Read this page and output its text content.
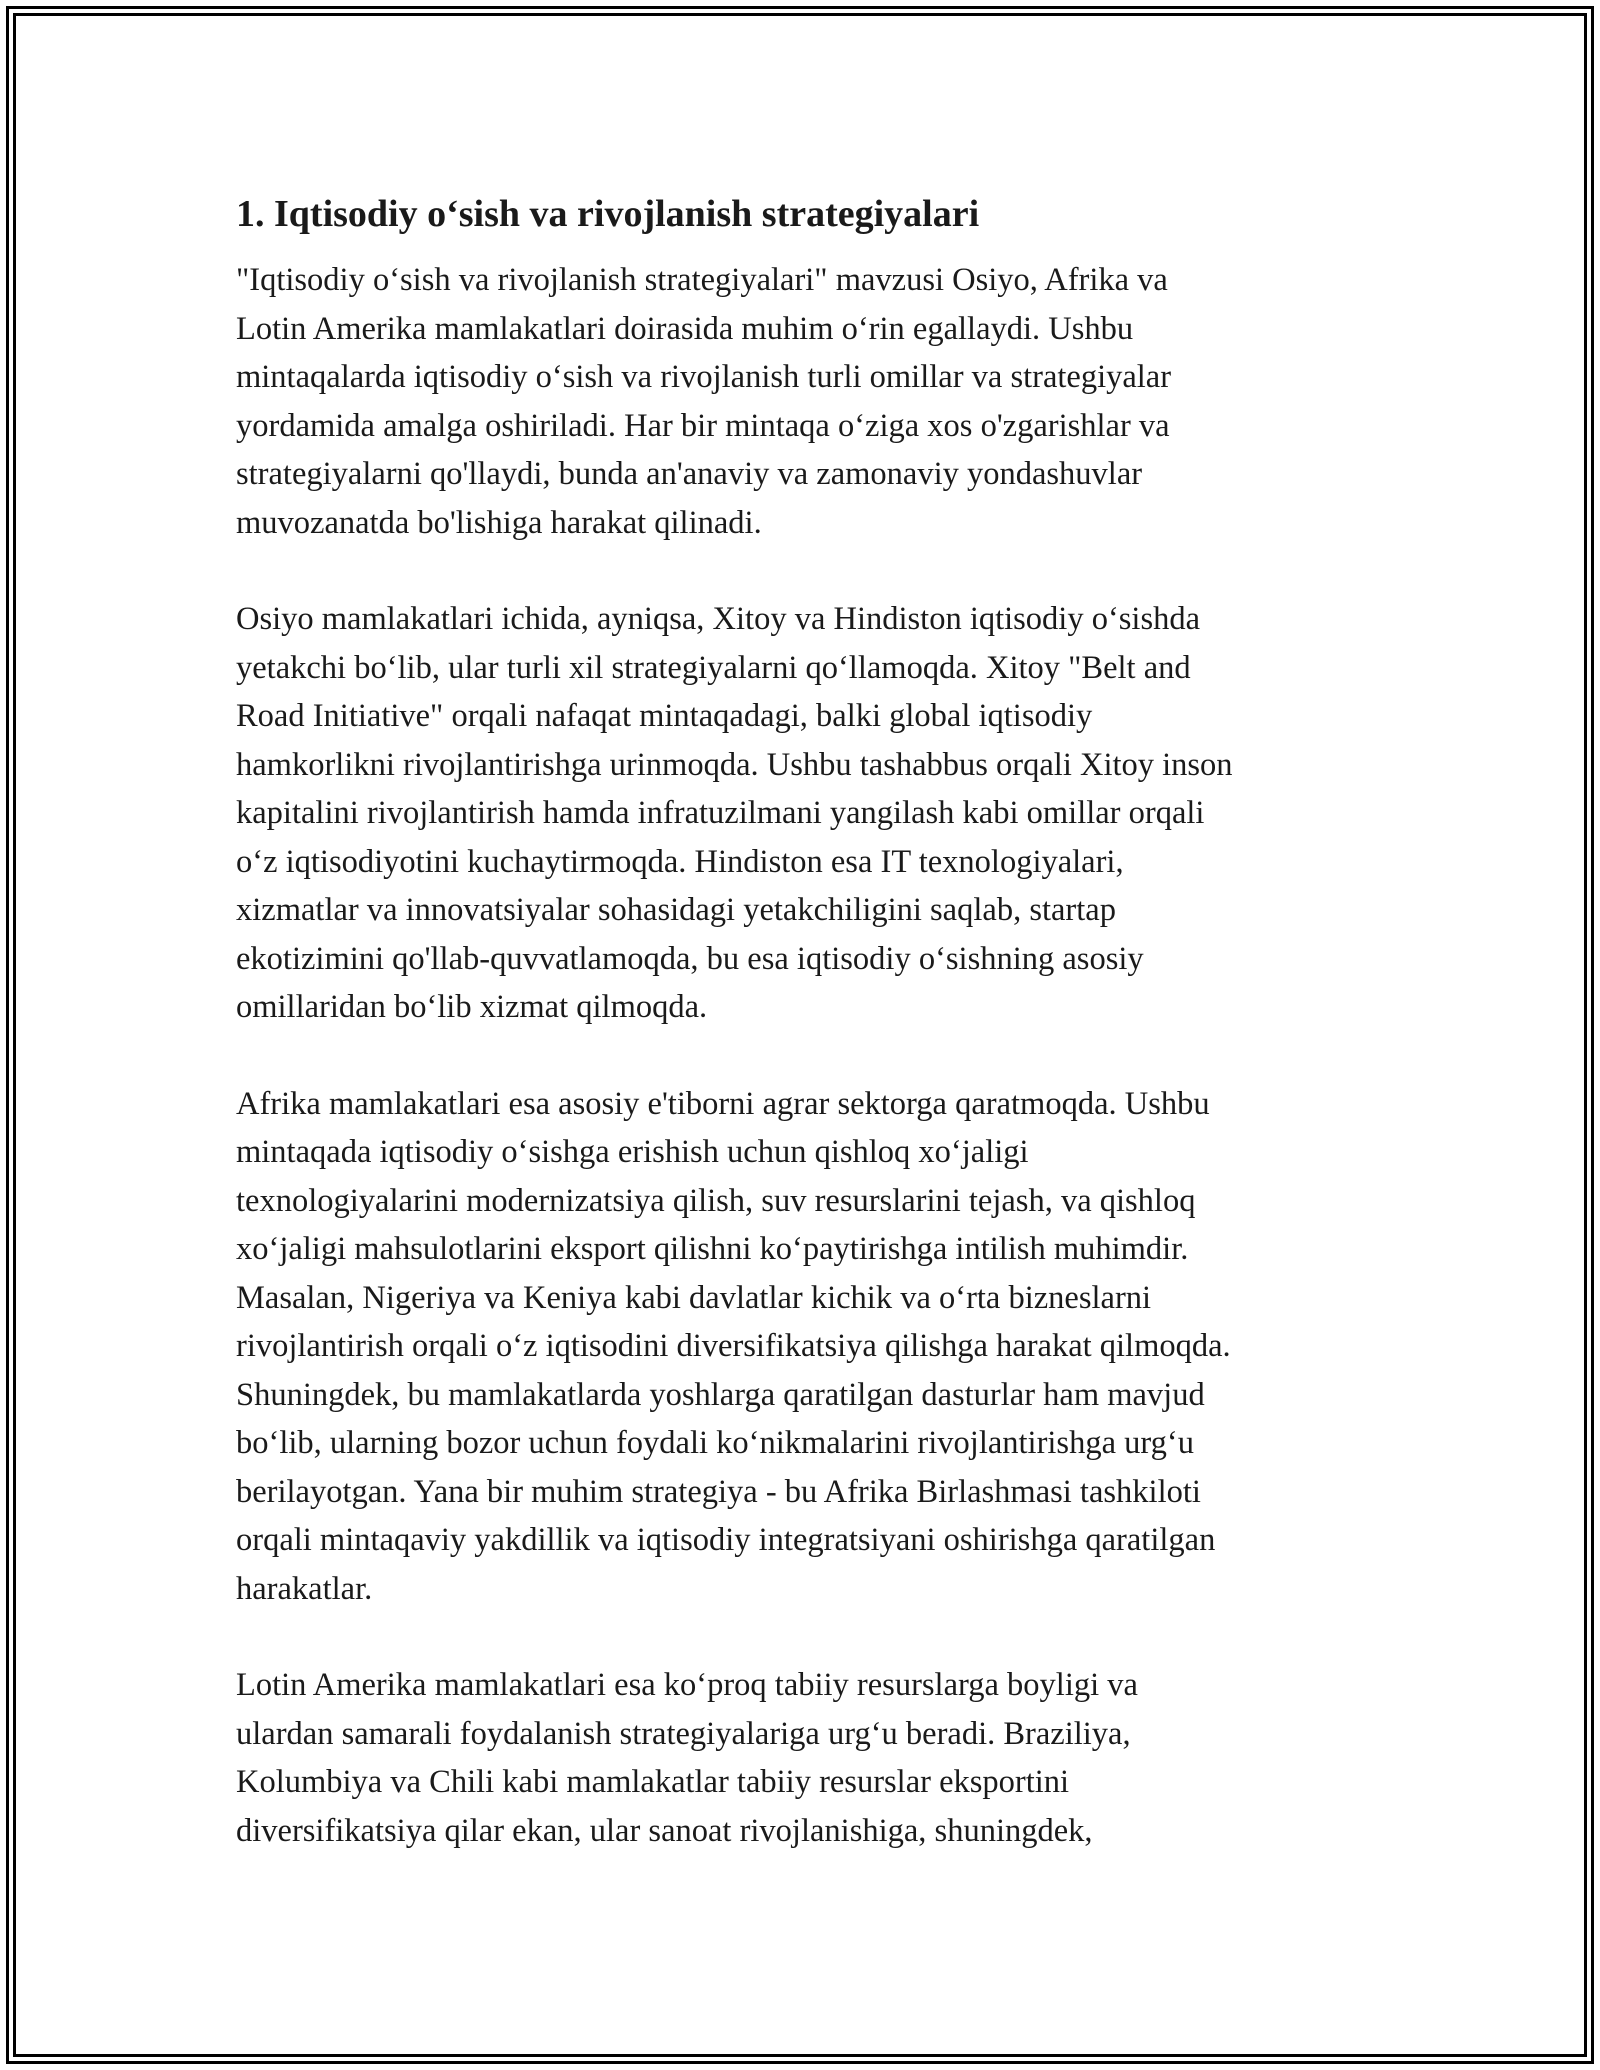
1. Iqtisodiy o‘sish va rivojlanish strategiyalari

"Iqtisodiy o‘sish va rivojlanish strategiyalari" mavzusi Osiyo, Afrika va
Lotin Amerika mamlakatlari doirasida muhim o‘rin egallaydi. Ushbu
mintaqalarda iqtisodiy o‘sish va rivojlanish turli omillar va strategiyalar
yordamida amalga oshiriladi. Har bir mintaqa o‘ziga xos o'zgarishlar va
strategiyalarni qo'llaydi, bunda an'anaviy va zamonaviy yondashuvlar
muvozanatda bo'lishiga harakat qilinadi.

Osiyo mamlakatlari ichida, ayniqsa, Xitoy va Hindiston iqtisodiy o‘sishda
yetakchi bo‘lib, ular turli xil strategiyalarni qo‘llamoqda. Xitoy "Belt and
Road Initiative" orqali nafaqat mintaqadagi, balki global iqtisodiy
hamkorlikni rivojlantirishga urinmoqda. Ushbu tashabbus orqali Xitoy inson
kapitalini rivojlantirish hamda infratuzilmani yangilash kabi omillar orqali
o‘z iqtisodiyotini kuchaytirmoqda. Hindiston esa IT texnologiyalari,
xizmatlar va innovatsiyalar sohasidagi yetakchiligini saqlab, startap
ekotizimini qo'llab-quvvatlamoqda, bu esa iqtisodiy o‘sishning asosiy
omillaridan bo‘lib xizmat qilmoqda.

Afrika mamlakatlari esa asosiy e'tiborni agrar sektorga qaratmoqda. Ushbu
mintaqada iqtisodiy o‘sishga erishish uchun qishloq xo‘jaligi
texnologiyalarini modernizatsiya qilish, suv resurslarini tejash, va qishloq
xo‘jaligi mahsulotlarini eksport qilishni ko‘paytirishga intilish muhimdir.
Masalan, Nigeriya va Keniya kabi davlatlar kichik va o‘rta bizneslarni
rivojlantirish orqali o‘z iqtisodini diversifikatsiya qilishga harakat qilmoqda.
Shuningdek, bu mamlakatlarda yoshlarga qaratilgan dasturlar ham mavjud
bo‘lib, ularning bozor uchun foydali ko‘nikmalarini rivojlantirishga urg‘u
berilayotgan. Yana bir muhim strategiya - bu Afrika Birlashmasi tashkiloti
orqali mintaqaviy yakdillik va iqtisodiy integratsiyani oshirishga qaratilgan
harakatlar.

Lotin Amerika mamlakatlari esa ko‘proq tabiiy resurslarga boyligi va
ulardan samarali foydalanish strategiyalariga urg‘u beradi. Braziliya,
Kolumbiya va Chili kabi mamlakatlar tabiiy resurslar eksportini
diversifikatsiya qilar ekan, ular sanoat rivojlanishiga, shuningdek,
